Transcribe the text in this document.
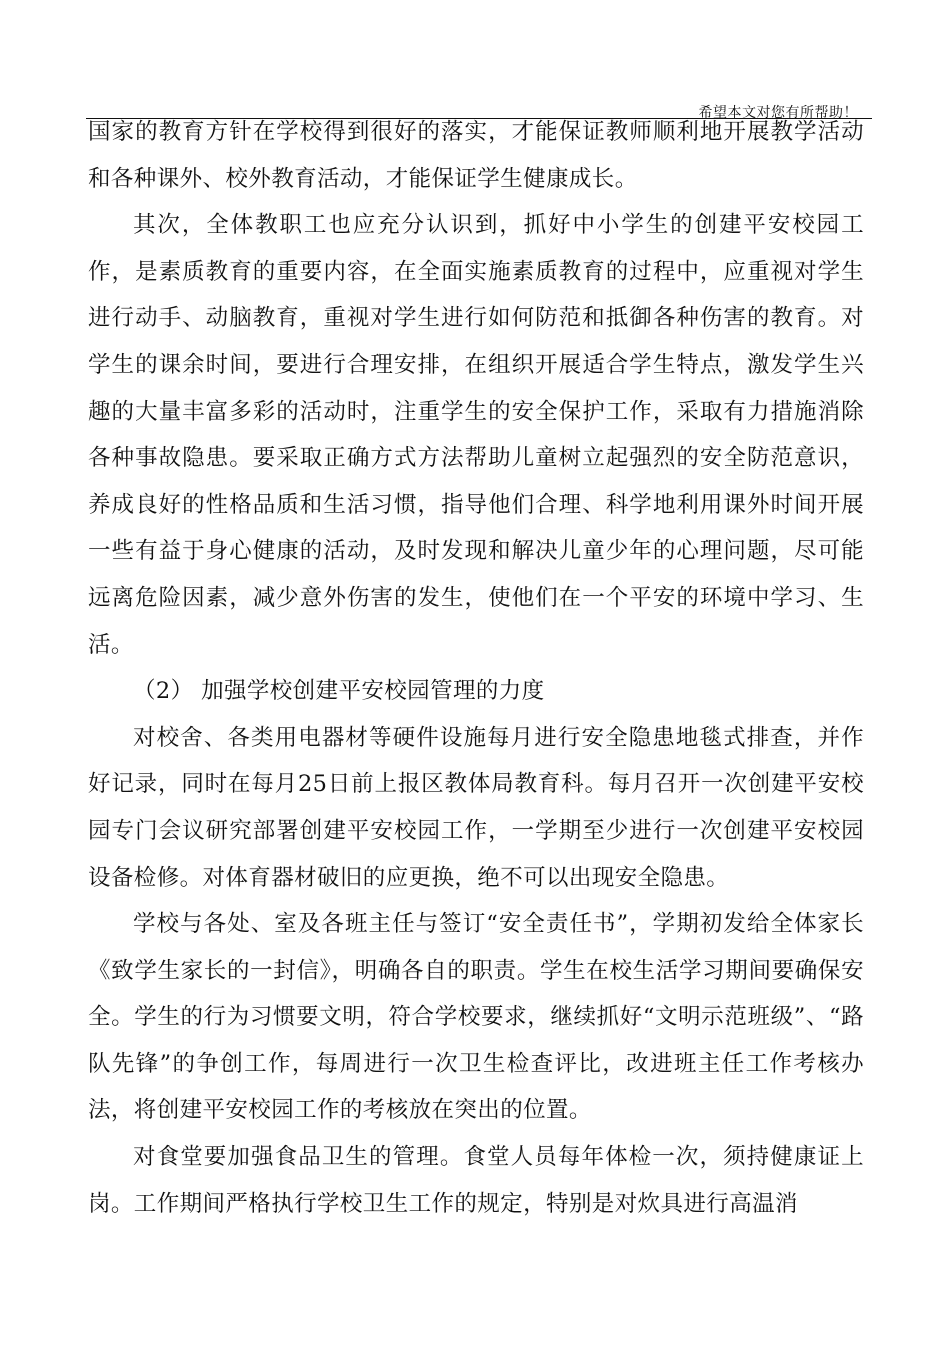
希望本文对您有所帮助！

国家的教育方针在学校得到很好的落实，才能保证教师顺利地开展教学活动和各种课外、校外教育活动，才能保证学生健康成长。

其次，全体教职工也应充分认识到，抓好中小学生的创建平安校园工作，是素质教育的重要内容，在全面实施素质教育的过程中，应重视对学生进行动手、动脑教育，重视对学生进行如何防范和抵御各种伤害的教育。对学生的课余时间，要进行合理安排，在组织开展适合学生特点，激发学生兴趣的大量丰富多彩的活动时，注重学生的安全保护工作，采取有力措施消除各种事故隐患。要采取正确方式方法帮助儿童树立起强烈的安全防范意识，养成良好的性格品质和生活习惯，指导他们合理、科学地利用课外时间开展一些有益于身心健康的活动，及时发现和解决儿童少年的心理问题，尽可能远离危险因素，减少意外伤害的发生，使他们在一个平安的环境中学习、生活。

（2） 加强学校创建平安校园管理的力度

对校舍、各类用电器材等硬件设施每月进行安全隐患地毯式排查，并作好记录，同时在每月25日前上报区教体局教育科。每月召开一次创建平安校园专门会议研究部署创建平安校园工作，一学期至少进行一次创建平安校园设备检修。对体育器材破旧的应更换，绝不可以出现安全隐患。

学校与各处、室及各班主任与签订“安全责任书”，学期初发给全体家长《致学生家长的一封信》，明确各自的职责。学生在校生活学习期间要确保安全。学生的行为习惯要文明，符合学校要求，继续抓好“文明示范班级”、“路队先锋”的争创工作，每周进行一次卫生检查评比，改进班主任工作考核办法，将创建平安校园工作的考核放在突出的位置。

对食堂要加强食品卫生的管理。食堂人员每年体检一次，须持健康证上岗。工作期间严格执行学校卫生工作的规定，特别是对炊具进行高温消
